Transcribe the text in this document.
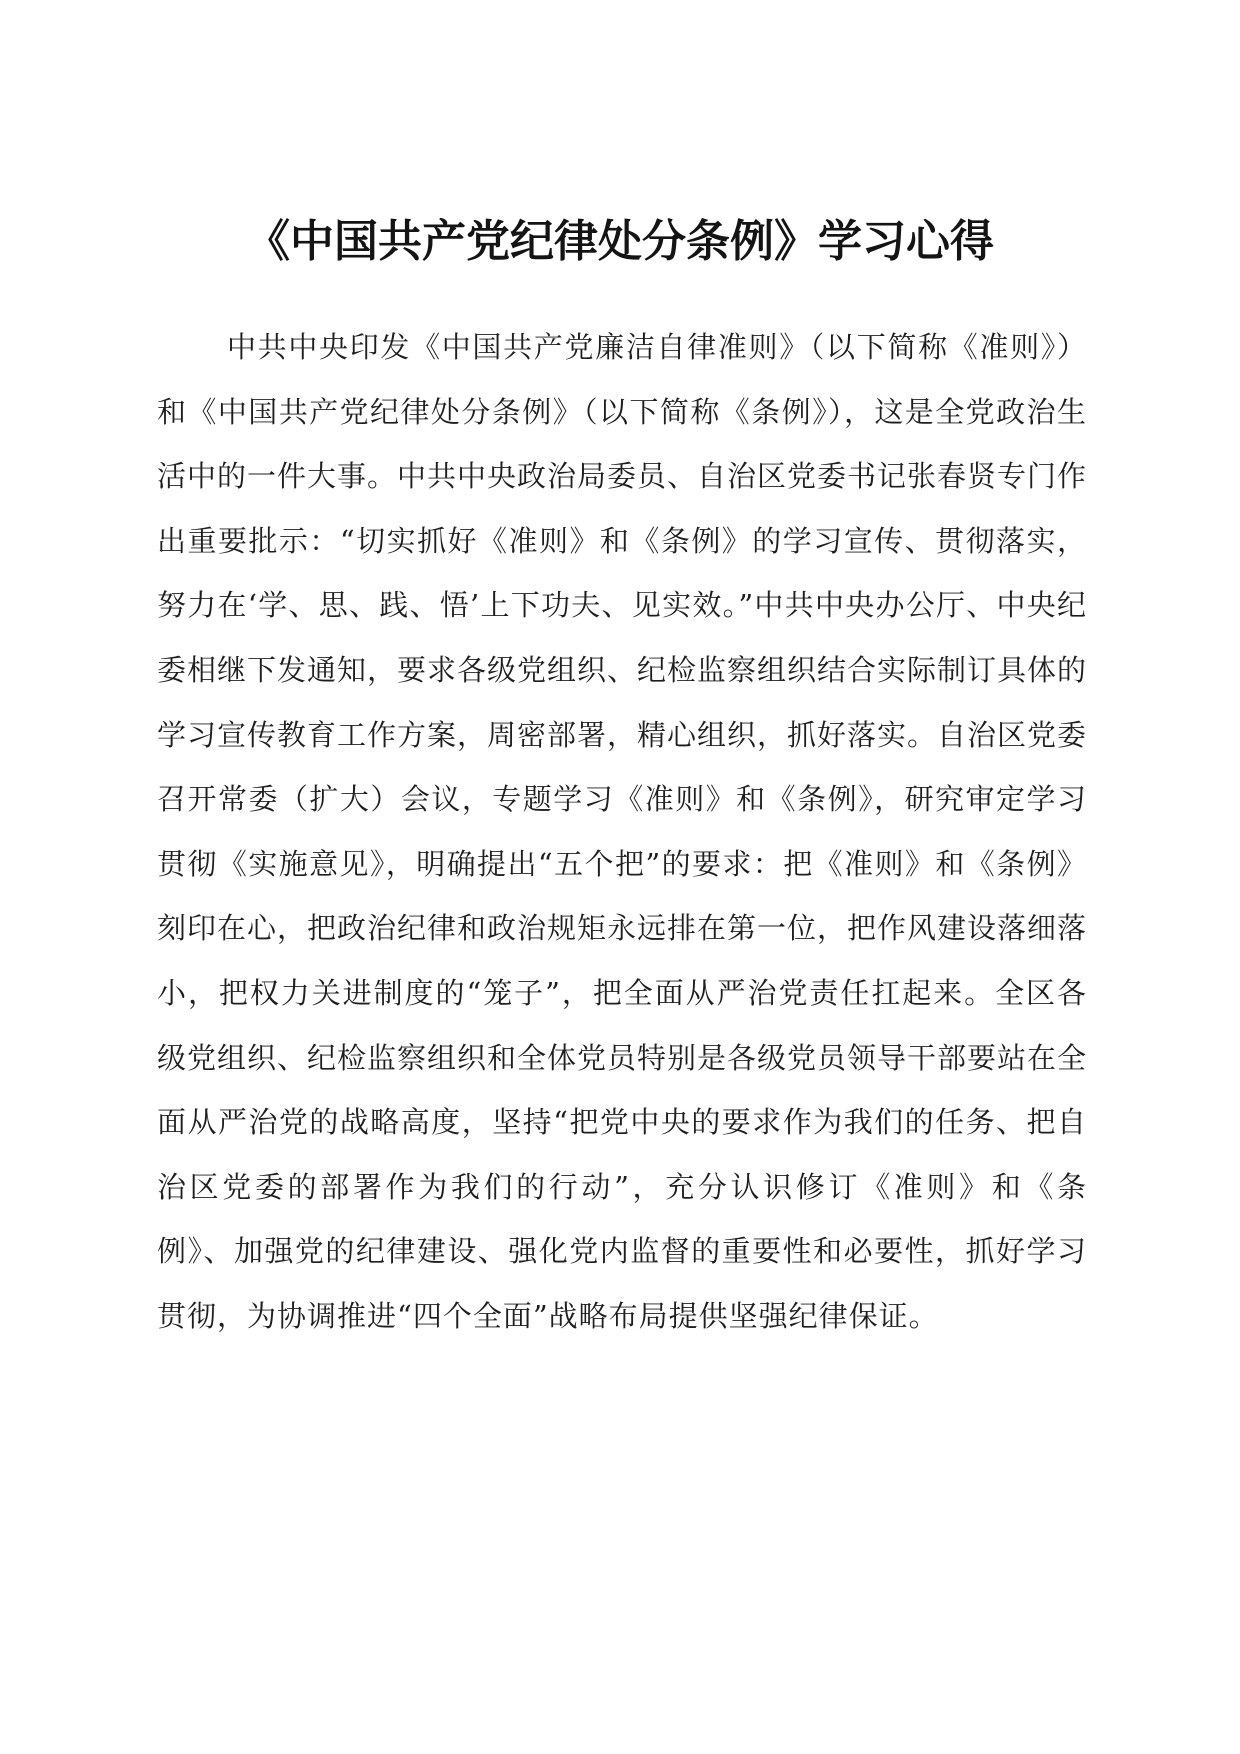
《中国共产党纪律处分条例》学习心得

中共中央印发《中国共产党廉洁自律准则》（以下简称《准则》）和《中国共产党纪律处分条例》（以下简称《条例》），这是全党政治生活中的一件大事。中共中央政治局委员、自治区党委书记张春贤专门作出重要批示：“切实抓好《准则》和《条例》的学习宣传、贯彻落实，努力在‘学、思、践、悟’上下功夫、见实效。”中共中央办公厅、中央纪委相继下发通知，要求各级党组织、纪检监察组织结合实际制订具体的学习宣传教育工作方案，周密部署，精心组织，抓好落实。自治区党委召开常委（扩大）会议，专题学习《准则》和《条例》，研究审定学习贯彻《实施意见》，明确提出“五个把”的要求：把《准则》和《条例》刻印在心，把政治纪律和政治规矩永远排在第一位，把作风建设落细落小，把权力关进制度的“笼子”，把全面从严治党责任扛起来。全区各级党组织、纪检监察组织和全体党员特别是各级党员领导干部要站在全面从严治党的战略高度，坚持“把党中央的要求作为我们的任务、把自治区党委的部署作为我们的行动”，充分认识修订《准则》和《条例》、加强党的纪律建设、强化党内监督的重要性和必要性，抓好学习贯彻，为协调推进“四个全面”战略布局提供坚强纪律保证。
